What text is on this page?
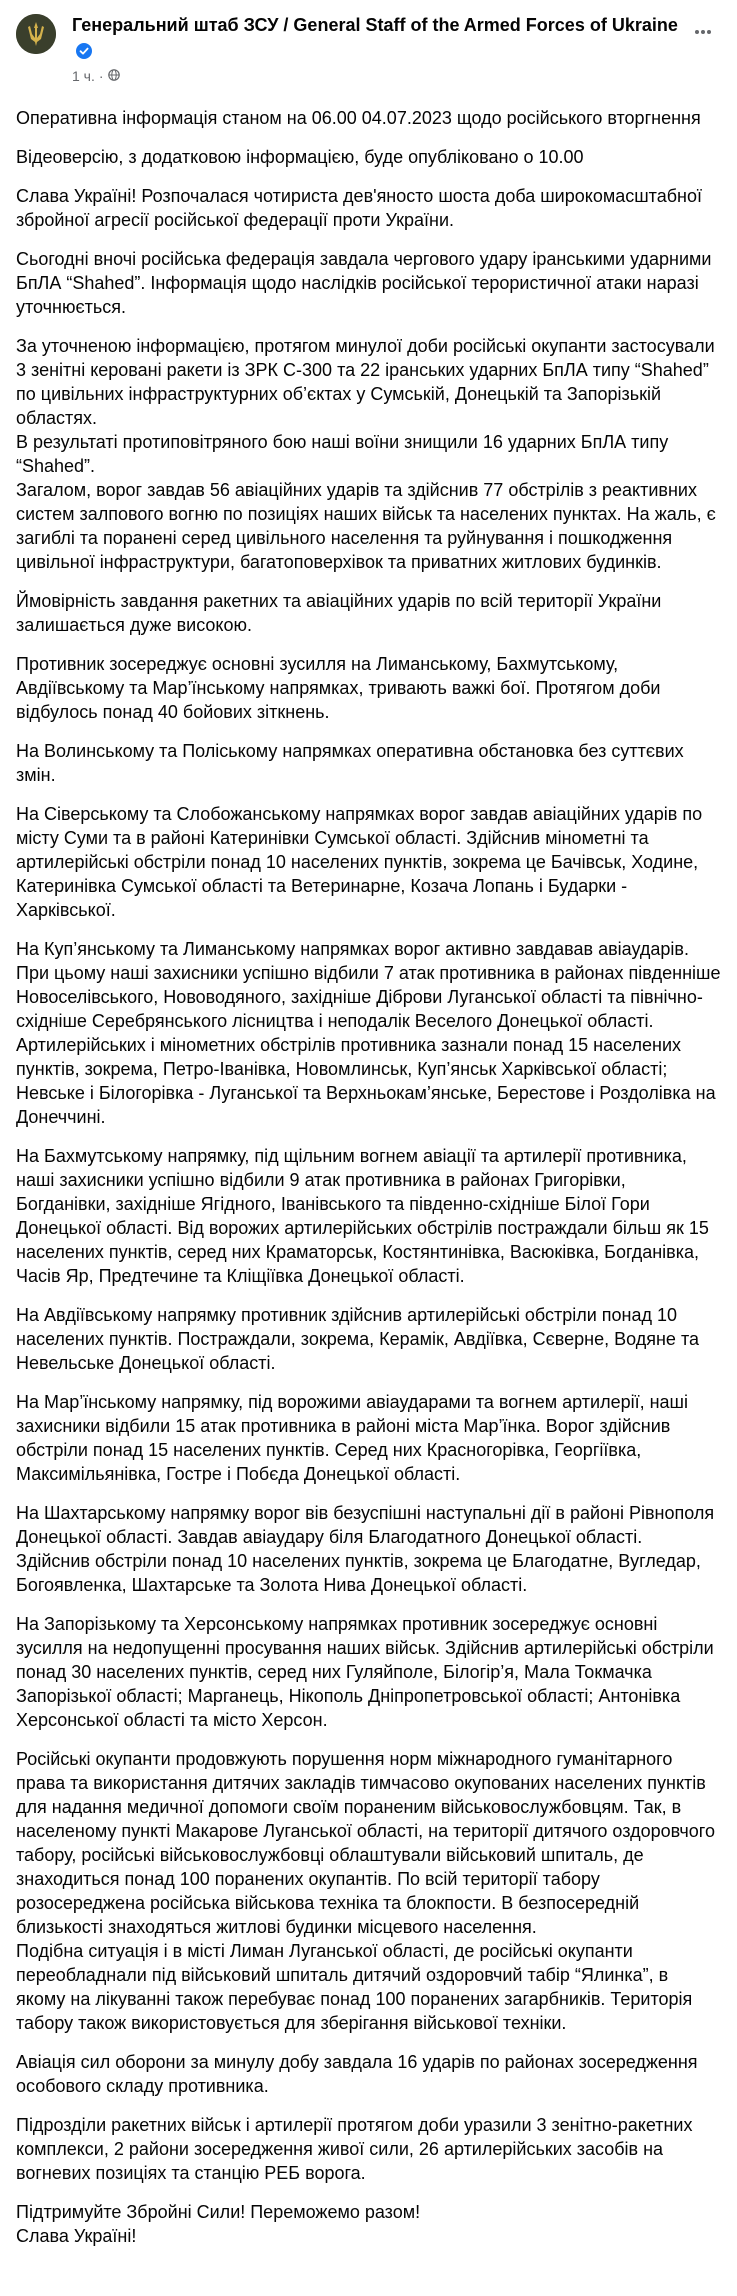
Генеральний штаб ЗСУ / General Staff of the Armed Forces of Ukraine
1 ч. ·

Оперативна інформація станом на 06.00 04.07.2023 щодо російського вторгнення

Відеоверсію, з додатковою інформацією, буде опубліковано о 10.00

Слава Україні! Розпочалася чотириста дев'яносто шоста доба широкомасштабної збройної агресії російської федерації проти України.

Сьогодні вночі російська федерація завдала чергового удару іранськими ударними БпЛА “Shahed”. Інформація щодо наслідків російської терористичної атаки наразі уточнюється.

За уточненою інформацією, протягом минулої доби російські окупанти застосували 3 зенітні керовані ракети із ЗРК С-300 та 22 іранських ударних БпЛА типу “Shahed” по цивільних інфраструктурних об’єктах у Сумській, Донецькій та Запорізькій областях.
В результаті протиповітряного бою наші воїни знищили 16 ударних БпЛА типу “Shahed”.
Загалом, ворог завдав 56 авіаційних ударів та здійснив 77 обстрілів з реактивних систем залпового вогню по позиціях наших військ та населених пунктах. На жаль, є загиблі та поранені серед цивільного населення та руйнування і пошкодження цивільної інфраструктури, багатоповерхівок та приватних житлових будинків.

Ймовірність завдання ракетних та авіаційних ударів по всій території України залишається дуже високою.

Противник зосереджує основні зусилля на Лиманському, Бахмутському, Авдіївському та Мар’їнському напрямках, тривають важкі бої. Протягом доби відбулось понад 40 бойових зіткнень.

На Волинському та Поліському напрямках оперативна обстановка без суттєвих змін.

На Сіверському та Слобожанському напрямках ворог завдав авіаційних ударів по місту Суми та в районі Катеринівки Сумської області. Здійснив мінометні та артилерійські обстріли понад 10 населених пунктів, зокрема це Бачівськ, Ходине, Катеринівка Сумської області та Ветеринарне, Козача Лопань і Бударки - Харківської.

На Куп’янському та Лиманському напрямках ворог активно завдавав авіаударів. При цьому наші захисники успішно відбили 7 атак противника в районах південніше Новоселівського, Нововодяного, західніше Діброви Луганської області та північно-східніше Серебрянського лісництва і неподалік Веселого Донецької області. Артилерійських і мінометних обстрілів противника зазнали понад 15 населених пунктів, зокрема, Петро-Іванівка, Новомлинськ, Куп’янськ Харківської області; Невське і Білогорівка - Луганської та Верхньокам’янське, Берестове і Роздолівка на Донеччині.

На Бахмутському напрямку, під щільним вогнем авіації та артилерії противника, наші захисники успішно відбили 9 атак противника в районах Григорівки, Богданівки, західніше Ягідного, Іванівського та південно-східніше Білої Гори Донецької області. Від ворожих артилерійських обстрілів постраждали більш як 15 населених пунктів, серед них Краматорськ, Костянтинівка, Васюківка, Богданівка, Часів Яр, Предтечине та Кліщіївка Донецької області.

На Авдіївському напрямку противник здійснив артилерійські обстріли понад 10 населених пунктів. Постраждали, зокрема, Керамік, Авдіївка, Сєверне, Водяне та Невельське Донецької області.

На Мар’їнському напрямку, під ворожими авіаударами та вогнем артилерії, наші захисники відбили 15 атак противника в районі міста Мар’їнка. Ворог здійснив обстріли понад 15 населених пунктів. Серед них Красногорівка, Георгіївка, Максимільянівка, Гостре і Побєда Донецької області.

На Шахтарському напрямку ворог вів безуспішні наступальні дії в районі Рівнополя Донецької області. Завдав авіаудару біля Благодатного Донецької області. Здійснив обстріли понад 10 населених пунктів, зокрема це Благодатне, Вугледар, Богоявленка, Шахтарське та Золота Нива Донецької області.

На Запорізькому та Херсонському напрямках противник зосереджує основні зусилля на недопущенні просування наших військ. Здійснив артилерійські обстріли понад 30 населених пунктів, серед них Гуляйполе, Білогір’я, Мала Токмачка Запорізької області; Марганець, Нікополь Дніпропетровської області; Антонівка Херсонської області та місто Херсон.

Російські окупанти продовжують порушення норм міжнародного гуманітарного права та використання дитячих закладів тимчасово окупованих населених пунктів для надання медичної допомоги своїм пораненим військовослужбовцям. Так, в населеному пункті Макарове Луганської області, на території дитячого оздоровчого табору, російські військовослужбовці облаштували військовий шпиталь, де знаходиться понад 100 поранених окупантів. По всій території табору розосереджена російська військова техніка та блокпости. В безпосередній близькості знаходяться житлові будинки місцевого населення.
Подібна ситуація і в місті Лиман Луганської області, де російські окупанти переобладнали під військовий шпиталь дитячий оздоровчий табір “Ялинка”, в якому на лікуванні також перебуває понад 100 поранених загарбників. Територія табору також використовується для зберігання військової техніки.

Авіація сил оборони за минулу добу завдала 16 ударів по районах зосередження особового складу противника.

Підрозділи ракетних військ і артилерії протягом доби уразили 3 зенітно-ракетних комплекси, 2 райони зосередження живої сили, 26 артилерійських засобів на вогневих позиціях та станцію РЕБ ворога.

Підтримуйте Збройні Сили! Переможемо разом!
Слава Україні!
